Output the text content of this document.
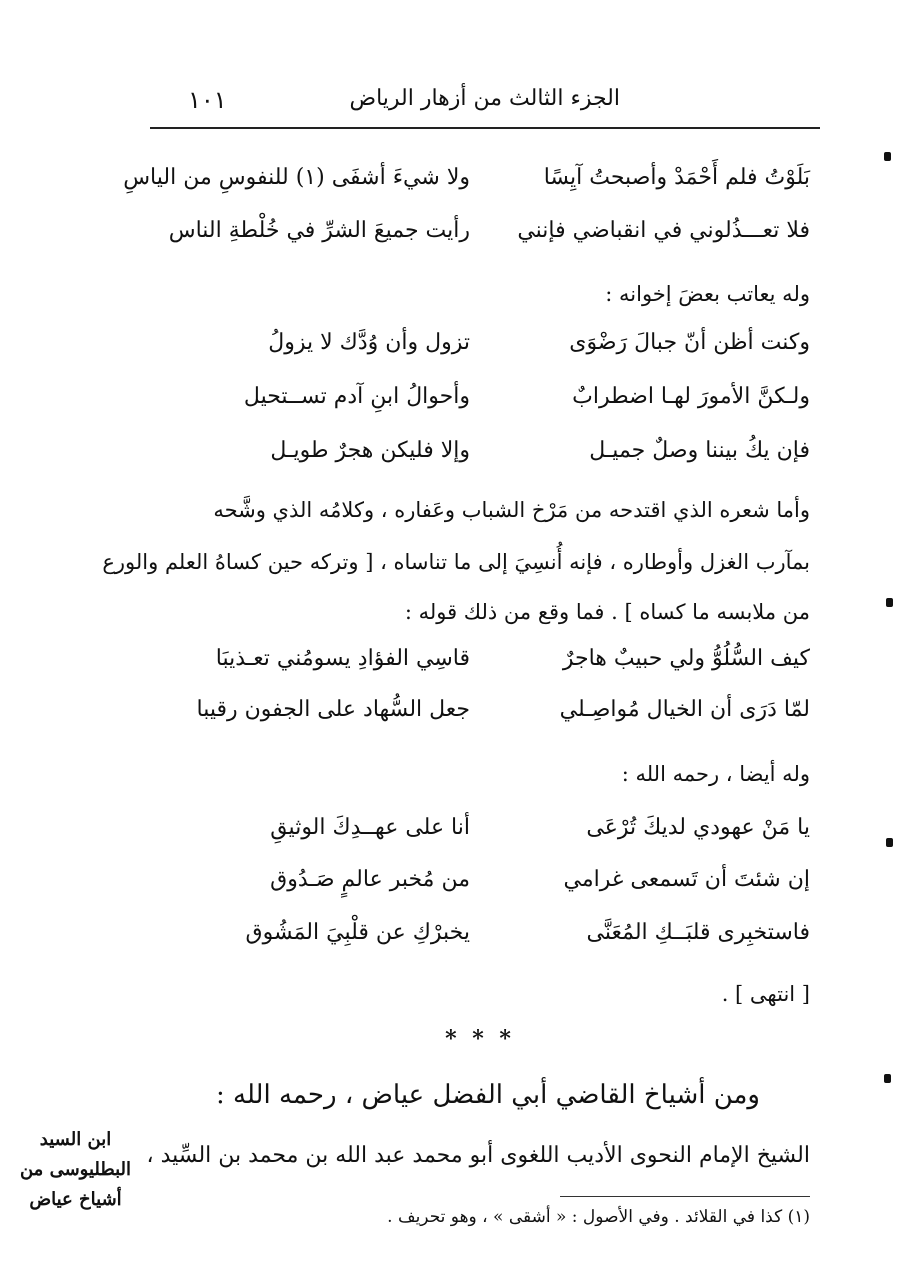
١٠١	الجزء الثالث من أزهار الرياض
بَلَوْتُ فلم أَحْمَدْ وأصبحتُ آيِسًا
ولا شيءَ أشفَى (١) للنفوسِ من الياسِ
فلا تعـــذُلوني في انقباضي فإنني
رأيت جميعَ الشرِّ في خُلْطةِ الناس
وله يعاتب بعضَ إخوانه :
وكنت أظن أنّ جبالَ رَضْوَى
تزول وأن وُدَّك لا يزولُ
ولـكنَّ الأمورَ لهـا اضطرابٌ
وأحوالُ ابنِ آدم تســتحيل
فإن يكُ بيننا وصلٌ جميـل
وإلا فليكن هجرٌ طويـل
وأما شعره الذي اقتدحه من مَرْخ الشباب وعَفاره ، وكلامُه الذي وشَّحه
بمآرب الغزل وأوطاره ، فإنه أُنسِيَ إلى ما تناساه ، [ وتركه حين كساهُ العلم والورع
من ملابسه ما كساه ] . فما وقع من ذلك قوله :
كيف السُّلُوُّ ولي حبيبٌ هاجرٌ
قاسِي الفؤادِ يسومُني تعـذيبَا
لمّا دَرَى أن الخيال مُواصِـلي
جعل السُّهاد على الجفون رقيبا
وله أيضا ، رحمه الله :
يا مَنْ عهودي لديكَ تُرْعَى
أنا على عهــدِكَ الوثيقِ
إن شئتَ أن تَسمعى غرامي
من مُخبر عالمٍ صَـدُوق
فاستخبِرى قلبَــكِ المُعَنَّى
يخبرْكِ عن قلْبِيَ المَشُوق
[ انتهى ] .
* * *
ومن أشياخ القاضي أبي الفضل عياض ، رحمه الله :
الشيخ الإمام النحوى الأديب اللغوى أبو محمد عبد الله بن محمد بن السِّيد ،
ابن السيد
البطليوسى من
أشياخ عياض
(١) كذا في القلائد . وفي الأصول : « أشقى » ، وهو تحريف .
